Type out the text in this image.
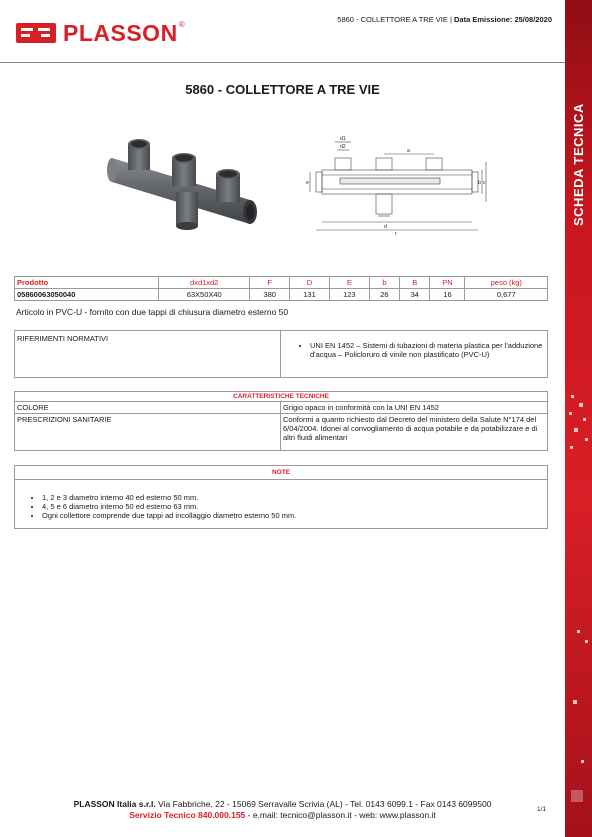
PLASSON ®
5860 - COLLETTORE A TRE VIE | Data Emissione: 25/08/2020
5860 - COLLETTORE A TRE VIE
SCHEDA TECNICA
d1
d2
a
b c
d
e
r
Prodotto	dxd1xd2	F	D	E	b	B	PN	peso (kg)
05860063050040	63X50X40	380	131	123	26	34	16	0,677
Articolo in PVC-U - fornito con due tappi di chiusura diametro esterno 50
RIFERIMENTI NORMATIVI
• UNI EN 1452 – Sistemi di tubazioni di materia plastica per l'adduzione d'acqua – Policloruro di vinile non plastificato (PVC-U)
CARATTERISTICHE TECNICHE	
COLORE	Grigio opaco in conformità con la UNI EN 1452
PRESCRIZIONI SANITARIE	Conformi a quanto richiesto dal Decreto del ministero della Salute N°174 del 6/04/2004. Idonei al convogliamento di acqua potabile e da potabilizzare e di altri fluidi alimentari
NOTE
• 1, 2 e 3 diametro interno 40 ed esterno 50 mm.
• 4, 5 e 6 diametro interno 50 ed esterno 63 mm.
• Ogni collettore comprende due tappi ad incollaggio diametro esterno 50 mm.
PLASSON Italia s.r.l. Via Fabbriche, 22 - 15069 Serravalle Scrivia (AL) - Tel. 0143 6099.1 - Fax 0143 6099500
Servizio Tecnico 840.000.155 - e.mail: tecnico@plasson.it - web: www.plasson.it
1/1
